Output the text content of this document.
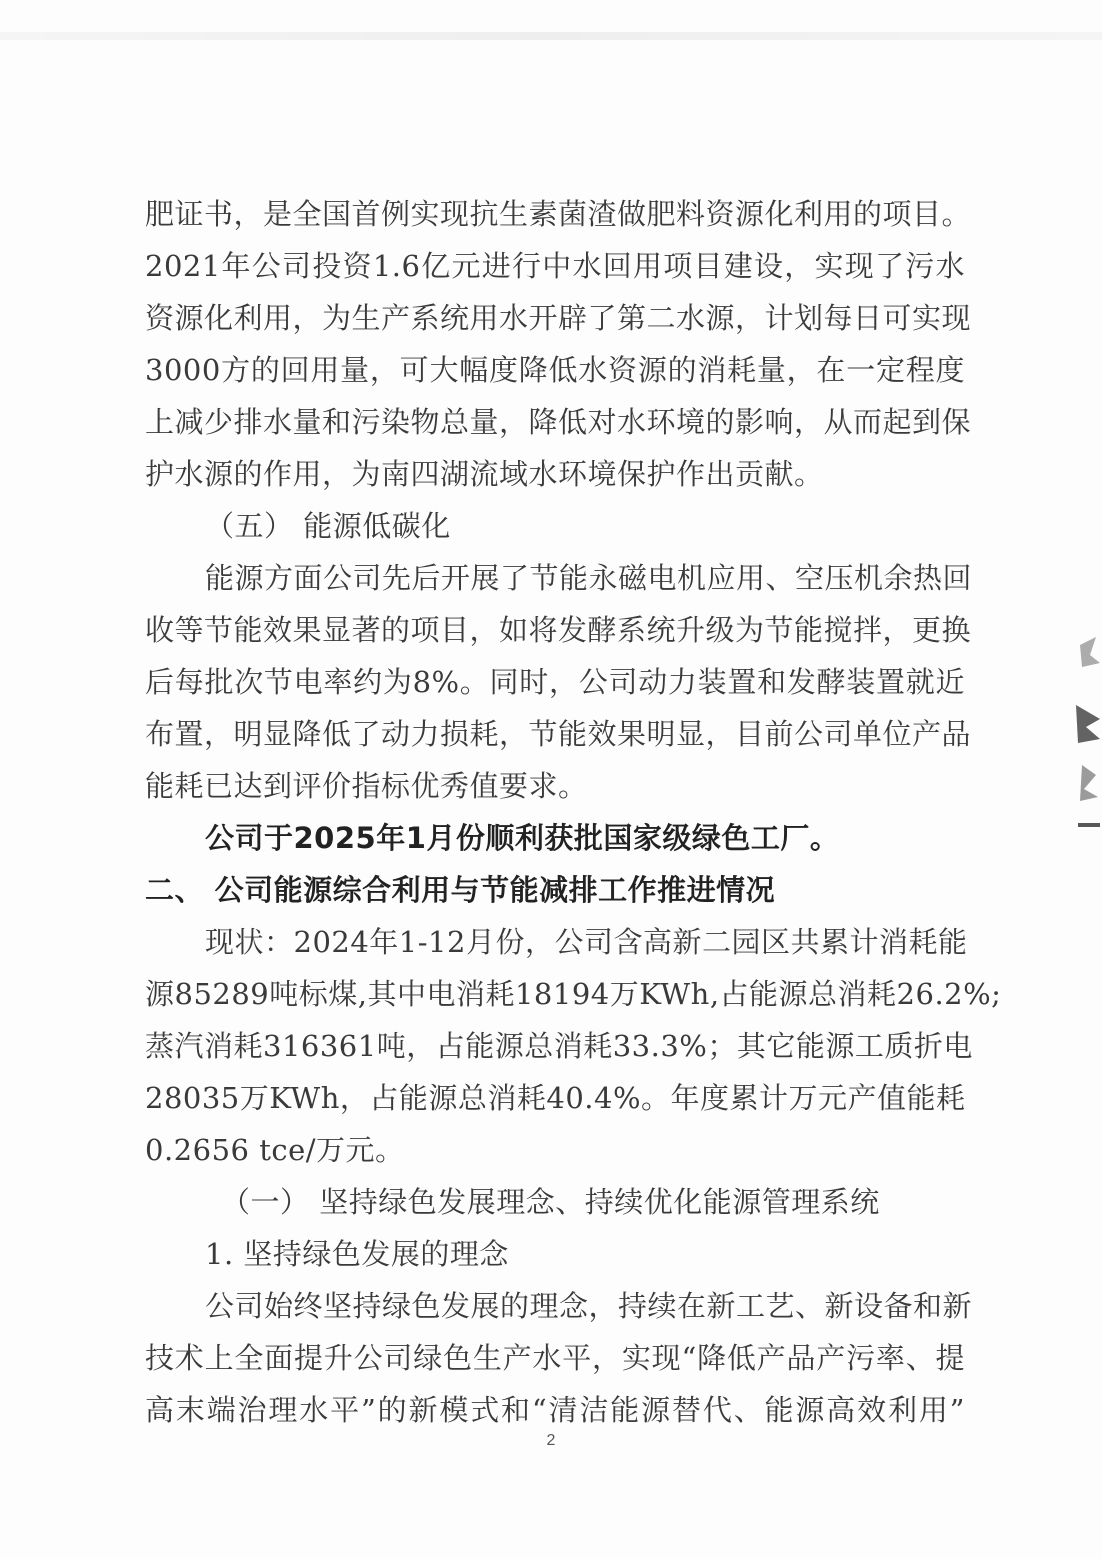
肥证书，是全国首例实现抗生素菌渣做肥料资源化利用的项目。
2021年公司投资1.6亿元进行中水回用项目建设，实现了污水
资源化利用，为生产系统用水开辟了第二水源，计划每日可实现
3000方的回用量，可大幅度降低水资源的消耗量，在一定程度
上减少排水量和污染物总量，降低对水环境的影响，从而起到保
护水源的作用，为南四湖流域水环境保护作出贡献。
（五） 能源低碳化
能源方面公司先后开展了节能永磁电机应用、空压机余热回
收等节能效果显著的项目，如将发酵系统升级为节能搅拌，更换
后每批次节电率约为8%。同时，公司动力装置和发酵装置就近
布置，明显降低了动力损耗，节能效果明显，目前公司单位产品
能耗已达到评价指标优秀值要求。
公司于2025年1月份顺利获批国家级绿色工厂。
二、 公司能源综合利用与节能减排工作推进情况
现状：2024年1-12月份，公司含高新二园区共累计消耗能
源85289吨标煤,其中电消耗18194万KWh,占能源总消耗26.2%;
蒸汽消耗316361吨，占能源总消耗33.3%；其它能源工质折电
28035万KWh，占能源总消耗40.4%。年度累计万元产值能耗
0.2656 tce/万元。
（一） 坚持绿色发展理念、持续优化能源管理系统
1. 坚持绿色发展的理念
公司始终坚持绿色发展的理念，持续在新工艺、新设备和新
技术上全面提升公司绿色生产水平，实现“降低产品产污率、提
高末端治理水平”的新模式和“清洁能源替代、能源高效利用”
2
